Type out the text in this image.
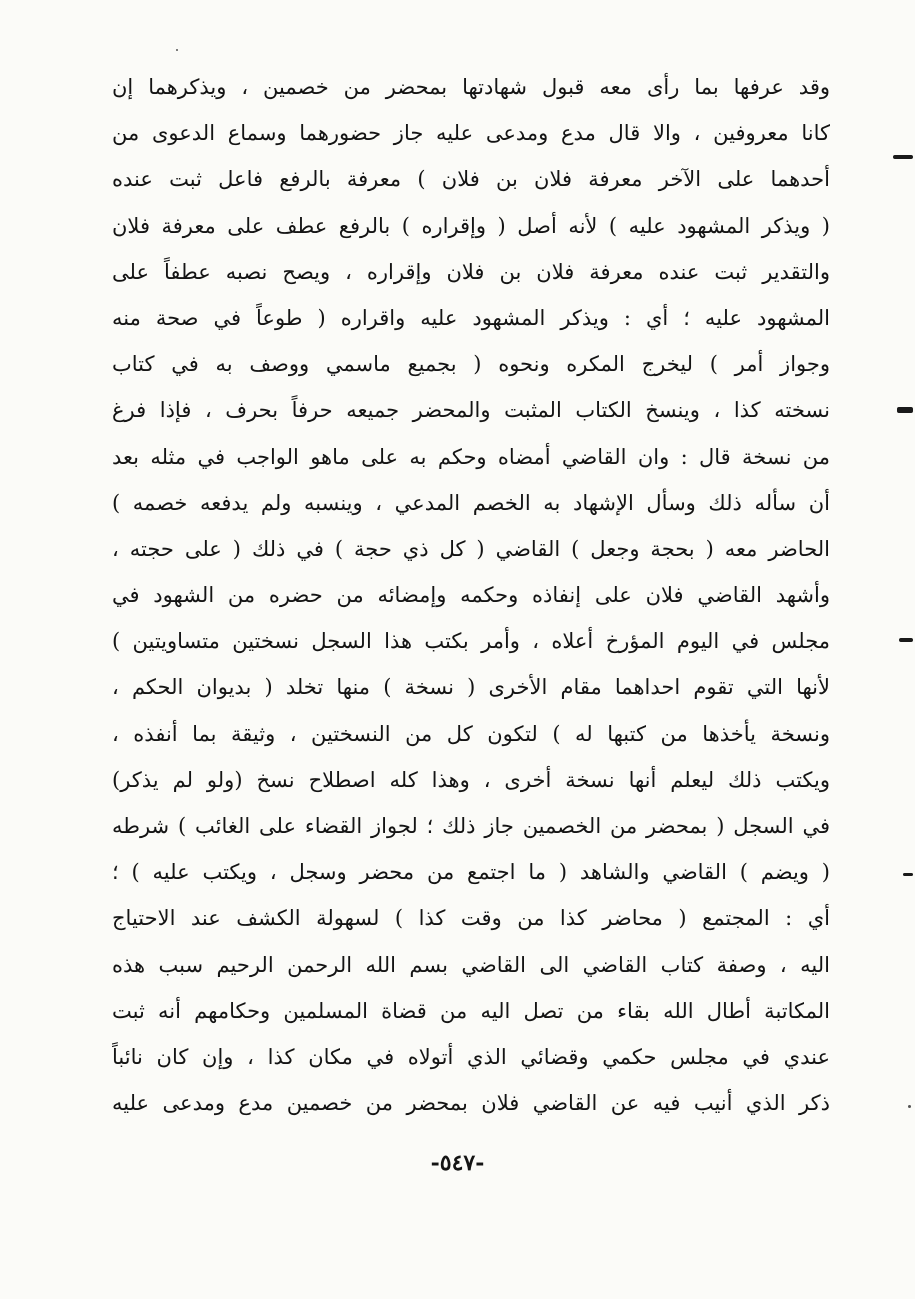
وقد عرفها بما رأى معه قبول شهادتها بمحضر من خصمين ، ويذكرهما إن
كانا معروفين ، والا قال مدع ومدعى عليه جاز حضورهما وسماع الدعوى من
أحدهما على الآخر معرفة فلان بن فلان ) معرفة بالرفع فاعل ثبت عنده
( ويذكر المشهود عليه ) لأنه أصل ( وإقراره ) بالرفع عطف على معرفة فلان
والتقدير ثبت عنده معرفة فلان بن فلان وإقراره ، ويصح نصبه عطفاً على
المشهود عليه ؛ أي : ويذكر المشهود عليه واقراره ( طوعاً في صحة منه
وجواز أمر ) ليخرج المكره ونحوه ( بجميع ماسمي ووصف به في كتاب
نسخته كذا ، وينسخ الكتاب المثبت والمحضر جميعه حرفاً بحرف ، فإذا فرغ
من نسخة قال : وان القاضي أمضاه وحكم به على ماهو الواجب في مثله بعد
أن سأله ذلك وسأل الإشهاد به الخصم المدعي ، وينسبه ولم يدفعه خصمه )
الحاضر معه ( بحجة وجعل ) القاضي ( كل ذي حجة ) في ذلك ( على حجته ،
وأشهد القاضي فلان على إنفاذه وحكمه وإمضائه من حضره من الشهود في
مجلس في اليوم المؤرخ أعلاه ، وأمر بكتب هذا السجل نسختين متساويتين )
لأنها التي تقوم احداهما مقام الأخرى ( نسخة ) منها تخلد ( بديوان الحكم ،
ونسخة يأخذها من كتبها له ) لتكون كل من النسختين ، وثيقة بما أنفذه ،
ويكتب ذلك ليعلم أنها نسخة أخرى ، وهذا كله اصطلاح نسخ (ولو لم يذكر)
في السجل ( بمحضر من الخصمين جاز ذلك ؛ لجواز القضاء على الغائب ) شرطه
( ويضم ) القاضي والشاهد ( ما اجتمع من محضر وسجل ، ويكتب عليه ) ؛
أي : المجتمع ( محاضر كذا من وقت كذا ) لسهولة الكشف عند الاحتياج
اليه ، وصفة كتاب القاضي الى القاضي بسم الله الرحمن الرحيم سبب هذه
المكاتبة أطال الله بقاء من تصل اليه من قضاة المسلمين وحكامهم أنه ثبت
عندي في مجلس حكمي وقضائي الذي أتولاه في مكان كذا ، وإن كان نائباً
ذكر الذي أنيب فيه عن القاضي فلان بمحضر من خصمين مدع ومدعى عليه
-٥٤٧-
